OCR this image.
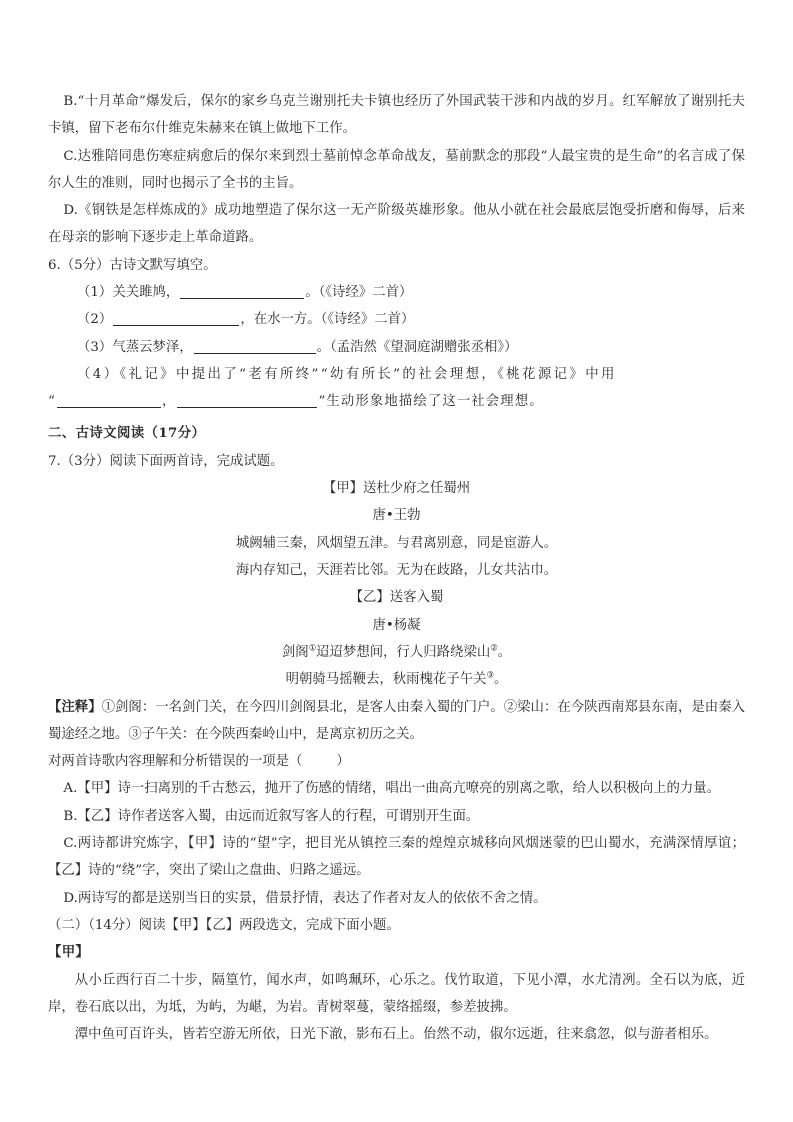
B.“十月革命”爆发后，保尔的家乡乌克兰谢别托夫卡镇也经历了外国武装干涉和内战的岁月。红军解放了谢别托夫卡镇，留下老布尔什维克朱赫来在镇上做地下工作。

C.达雅陪同患伤寒症病愈后的保尔来到烈士墓前悼念革命战友，墓前默念的那段“人最宝贵的是生命”的名言成了保尔人生的准则，同时也揭示了全书的主旨。

D.《钢铁是怎样炼成的》成功地塑造了保尔这一无产阶级英雄形象。他从小就在社会最底层饱受折磨和侮辱，后来在母亲的影响下逐步走上革命道路。

6.（5分）古诗文默写填空。

（1）关关雎鸠，	。（《诗经》二首）

（2）	，在水一方。（《诗经》二首）

（3）气蒸云梦泽，	。（孟浩然《望洞庭湖赠张丞相》）

（4）《礼记》中提出了“老有所终”“幼有所长”的社会理想，《桃花源记》中用

“	，	”生动形象地描绘了这一社会理想。

二、古诗文阅读（17分）

7.（3分）阅读下面两首诗，完成试题。

【甲】送杜少府之任蜀州

唐•王勃

城阙辅三秦，风烟望五津。与君离别意，同是宦游人。

海内存知己，天涯若比邻。无为在歧路，儿女共沾巾。

【乙】送客入蜀

唐•杨凝

剑阁①迢迢梦想间，行人归路绕梁山②。

明朝骑马摇鞭去，秋雨槐花子午关③。

【注释】①剑阁：一名剑门关，在今四川剑阁县北，是客人由秦入蜀的门户。②梁山：在今陕西南郑县东南，是由秦入蜀途经之地。③子午关：在今陕西秦岭山中，是离京初历之关。

对两首诗歌内容理解和分析错误的一项是（	）

A.【甲】诗一扫离别的千古愁云，抛开了伤感的情绪，唱出一曲高亢嘹亮的别离之歌，给人以积极向上的力量。

B.【乙】诗作者送客入蜀，由远而近叙写客人的行程，可谓别开生面。

C.两诗都讲究炼字，【甲】诗的“望”字，把目光从镇控三秦的煌煌京城移向风烟迷蒙的巴山蜀水，充满深情厚谊；【乙】诗的“绕”字，突出了梁山之盘曲、归路之遥远。

D.两诗写的都是送别当日的实景，借景抒情，表达了作者对友人的依依不舍之情。

（二）（14分）阅读【甲】【乙】两段选文，完成下面小题。

【甲】

从小丘西行百二十步，隔篁竹，闻水声，如鸣珮环，心乐之。伐竹取道，下见小潭，水尤清冽。全石以为底，近岸，卷石底以出，为坻，为屿，为嵁，为岩。青树翠蔓，蒙络摇缀，参差披拂。

潭中鱼可百许头，皆若空游无所依，日光下澈，影布石上。佁然不动，俶尔远逝，往来翕忽，似与游者相乐。
